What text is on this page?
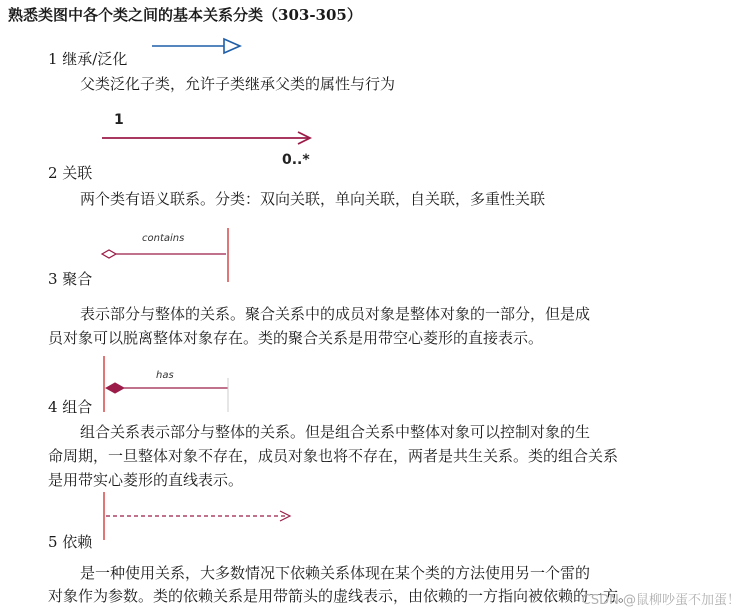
熟悉类图中各个类之间的基本关系分类（303-305）
1 继承/泛化
父类泛化子类，允许子类继承父类的属性与行为
1
0..*
2 关联
两个类有语义联系。分类：双向关联，单向关联，自关联，多重性关联
contains
3 聚合
表示部分与整体的关系。聚合关系中的成员对象是整体对象的一部分，但是成
员对象可以脱离整体对象存在。类的聚合关系是用带空心菱形的直接表示。
has
4 组合
组合关系表示部分与整体的关系。但是组合关系中整体对象可以控制对象的生
命周期，一旦整体对象不存在，成员对象也将不存在，两者是共生关系。类的组合关系
是用带实心菱形的直线表示。
5 依赖
是一种使用关系，大多数情况下依赖关系体现在某个类的方法使用另一个雷的
对象作为参数。类的依赖关系是用带箭头的虚线表示，由依赖的一方指向被依赖的一方。
CSDN @鼠柳吵蛋不加蛋！
